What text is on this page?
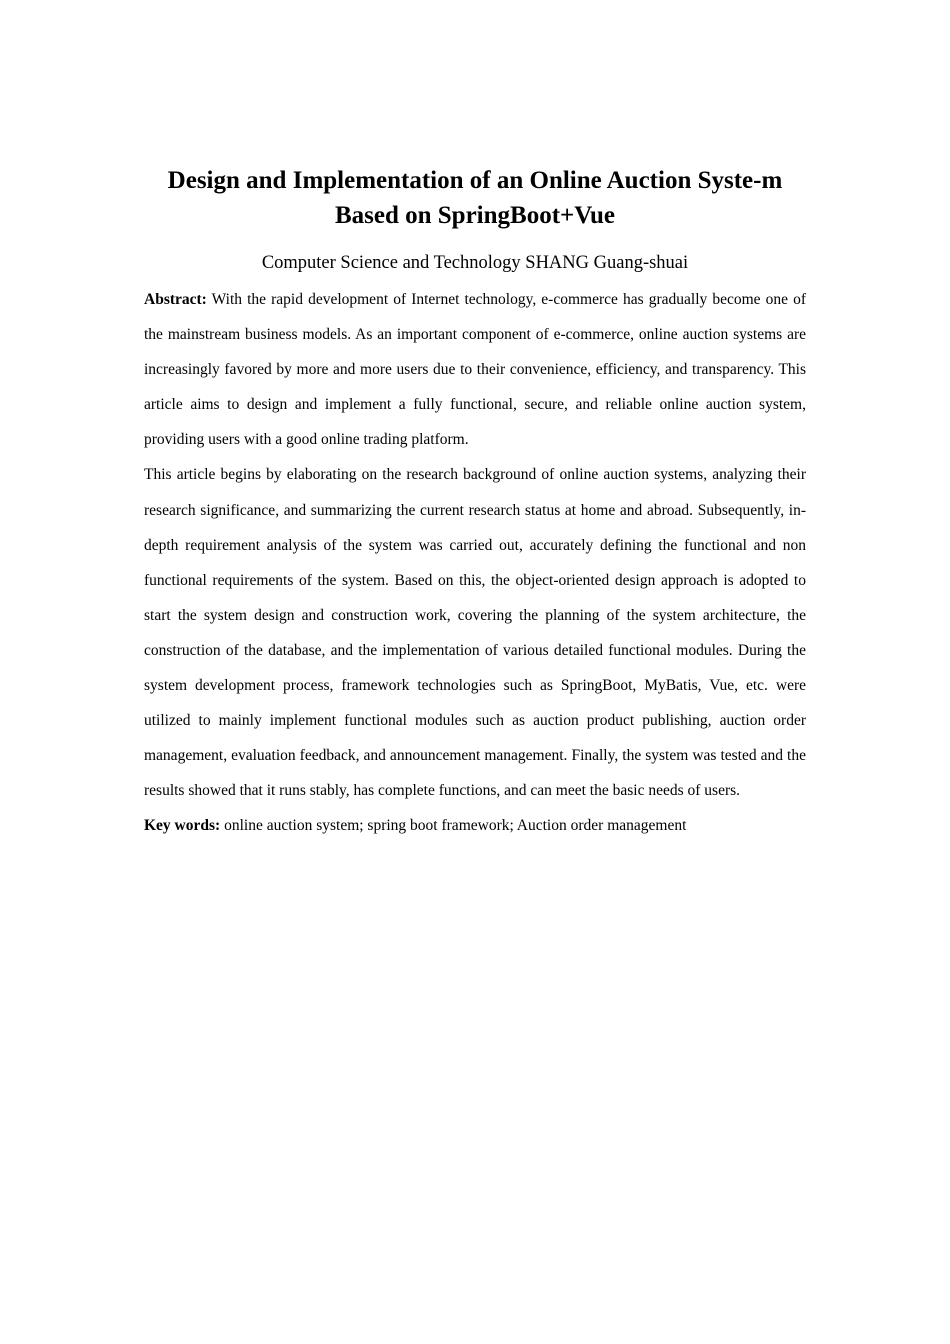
Design and Implementation of an Online Auction Syste-m
Based on SpringBoot+Vue

Computer Science and Technology SHANG Guang-shuai

Abstract: With the rapid development of Internet technology, e-commerce has gradually become one of the mainstream business models. As an important component of e-commerce, online auction systems are increasingly favored by more and more users due to their convenience, efficiency, and transparency. This article aims to design and implement a fully functional, secure, and reliable online auction system, providing users with a good online trading platform.

This article begins by elaborating on the research background of online auction systems, analyzing their research significance, and summarizing the current research status at home and abroad. Subsequently, in-depth requirement analysis of the system was carried out, accurately defining the functional and non functional requirements of the system. Based on this, the object-oriented design approach is adopted to start the system design and construction work, covering the planning of the system architecture, the construction of the database, and the implementation of various detailed functional modules. During the system development process, framework technologies such as SpringBoot, MyBatis, Vue, etc. were utilized to mainly implement functional modules such as auction product publishing, auction order management, evaluation feedback, and announcement management. Finally, the system was tested and the results showed that it runs stably, has complete functions, and can meet the basic needs of users.

Key words: online auction system; spring boot framework; Auction order management
